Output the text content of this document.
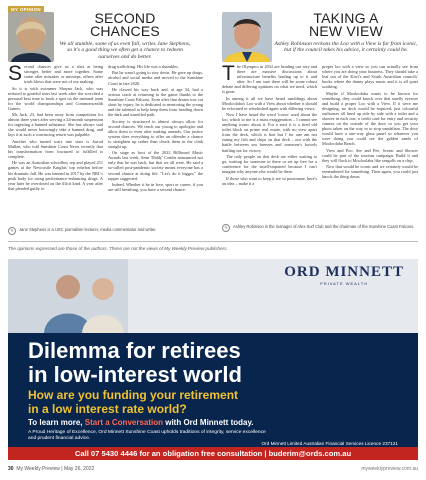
MY OPINION
SECOND
CHANCES

We all stumble, some of us even fall, writes Jane Stephens, so it's a good thing we often get a chance to redeem ourselves and do better.

S econd chances give us a shot at being stronger, better and more together. Some come after mistakes or missteps, others after trials blows that were not of our making.

So it is with swimmer Shayna Jack, who was reduced to grateful tears last week after she scorched a personal best time to book a spot on the national team for the world championships and Commonwealth Games.

Ms Jack, 23, had been away from competition for almost three years after serving a 24-month suspension for ingesting a banned substance. She has always said she would never knowingly take a banned drug, and lays it at such a convincing return was palpable.

Another who turned scars into stars is Jarrod Mullen, who told Sunshine Coast News recently that his transformation from fractured to fulfilled is complete.

He was an Australian schoolboy rep and played 211 games at the Newcastle Knights' top echelon before his dramatic fall. He was banned in 2017 by the NRL's peak body for using performance-enhancing drugs. A year later he overdosed on the illicit kind. A year after that pleaded guilty to

drug trafficking. His life was a shambles.

But he wasn't going to stay down. He gave up drugs, alcohol and social media and moved to the Sunshine Coast in late 2020.

He clawed his way back and, at age 34, had a serious crack at returning to the game thanks to the Sunshine Coast Falcons. Even after that dream was cut short by injury, he is dedicated to mentoring the young and the talented to help keep them from heading down the dark and unsettled path.

Society is structured to almost always allow for second chances. We teach our young to apologise and allow them to even after making amends. Our justice system does everything to offer an offender a chance to straighten up rather than chuck them in the clink straight up.

On stage as host of the 2022 Billboard Music Awards last week, Sean 'Diddy' Combs announced not only that he was back, but that we all were. He said a so-called post-pandemic society meant everyone has a second chance at doing life. "Let's do it bigger," the rapper suggested.

Indeed. Whether it be in love, sport or career, if you are still breathing, you have a second chance.

✎	Jane Stephens is a USC journalism lecturer, media commentator and writer.
TAKING A
NEW VIEW

Ashley Robinson reckons the Loo with a View is far from iconic, but if the council takes his advice, it certainly could be.

T he Olympics in 2032 are heading our way and there are massive discussions about infrastructure benefits leading up to it and after. So I am sure there will be some robust debate and differing opinions on what we need, which is great.

In among it all we have heard rumblings about Mooloolaba's Loo with a View about whether it should be relocated or refurbished again with differing views.

Now I have heard the word 'iconic' used about the loo, which to me is a mass exaggeration – I cannot see anything iconic about it. For a start it is a tired old toilet block on prime real estate, with no view apart from the deck, which is fine but I for one am not eating my fish and chips on that deck – not with the battle between sea breezes and someone's bowels battling out for victory.

The only people on that deck are either waiting to go, waiting for someone in there or set up free for a conference for the smell-impaired because I can't imagine why anyone else would be there.

If those who want to keep it are so passionate, here's an idea – make it a

proper loo with a view so you can actually see from where you are doing your business. They should take a leaf out of the Kiwi's and South Australian councils' books where the dunny plays music and it is all quiet soothing.

Maybe if Mooloolaba wants to be known for something, they could knock over that smelly eyesore and build a proper Loo with a View. If it were me designing, no deck would be required; just colourful outhouses all lined up side by side with a toilet and a shower in each one, a credit card for entry and security camera on the outside of the door so you get your photo taken on the way in to stop vandalism. The door would have a one-way glass panel so whatever you were doing you could see the golden sands of Mooloolaba Beach.

View and Poo, See and Pee, Scenic and Shower could be part of the tourism campaign. Build it and they will flock to Mooloolaba like seagulls on a chip.

Now that would be iconic and we certainly would be remembered for something. Then again, you could just knock the thing down.

✎	Ashley Robinson is the manager of Alex Surf Club and the chairman of the Sunshine Coast Falcons.
The opinions expressed are those of the authors. These are not the views of My Weekly Preview publishers.
ORD MINNETT
PRIVATE WEALTH
Dilemma for retirees
in low-interest world
How are you funding your retirement
in a low interest rate world?
To learn more, Start a Conversation with Ord Minnett today.
A Proud Heritage of Excellence, Ord Minnett Sunshine Coast upholds traditions of integrity, service excellence
and prudent financial advice.
Ord Minnett Limited Australian Financial Services Licence 237121
Call 07 5430 4446 for an obligation free consultation | buderim@ords.com.au
30 My Weekly Preview | May 26, 2022	myweeklypreview.com.au
